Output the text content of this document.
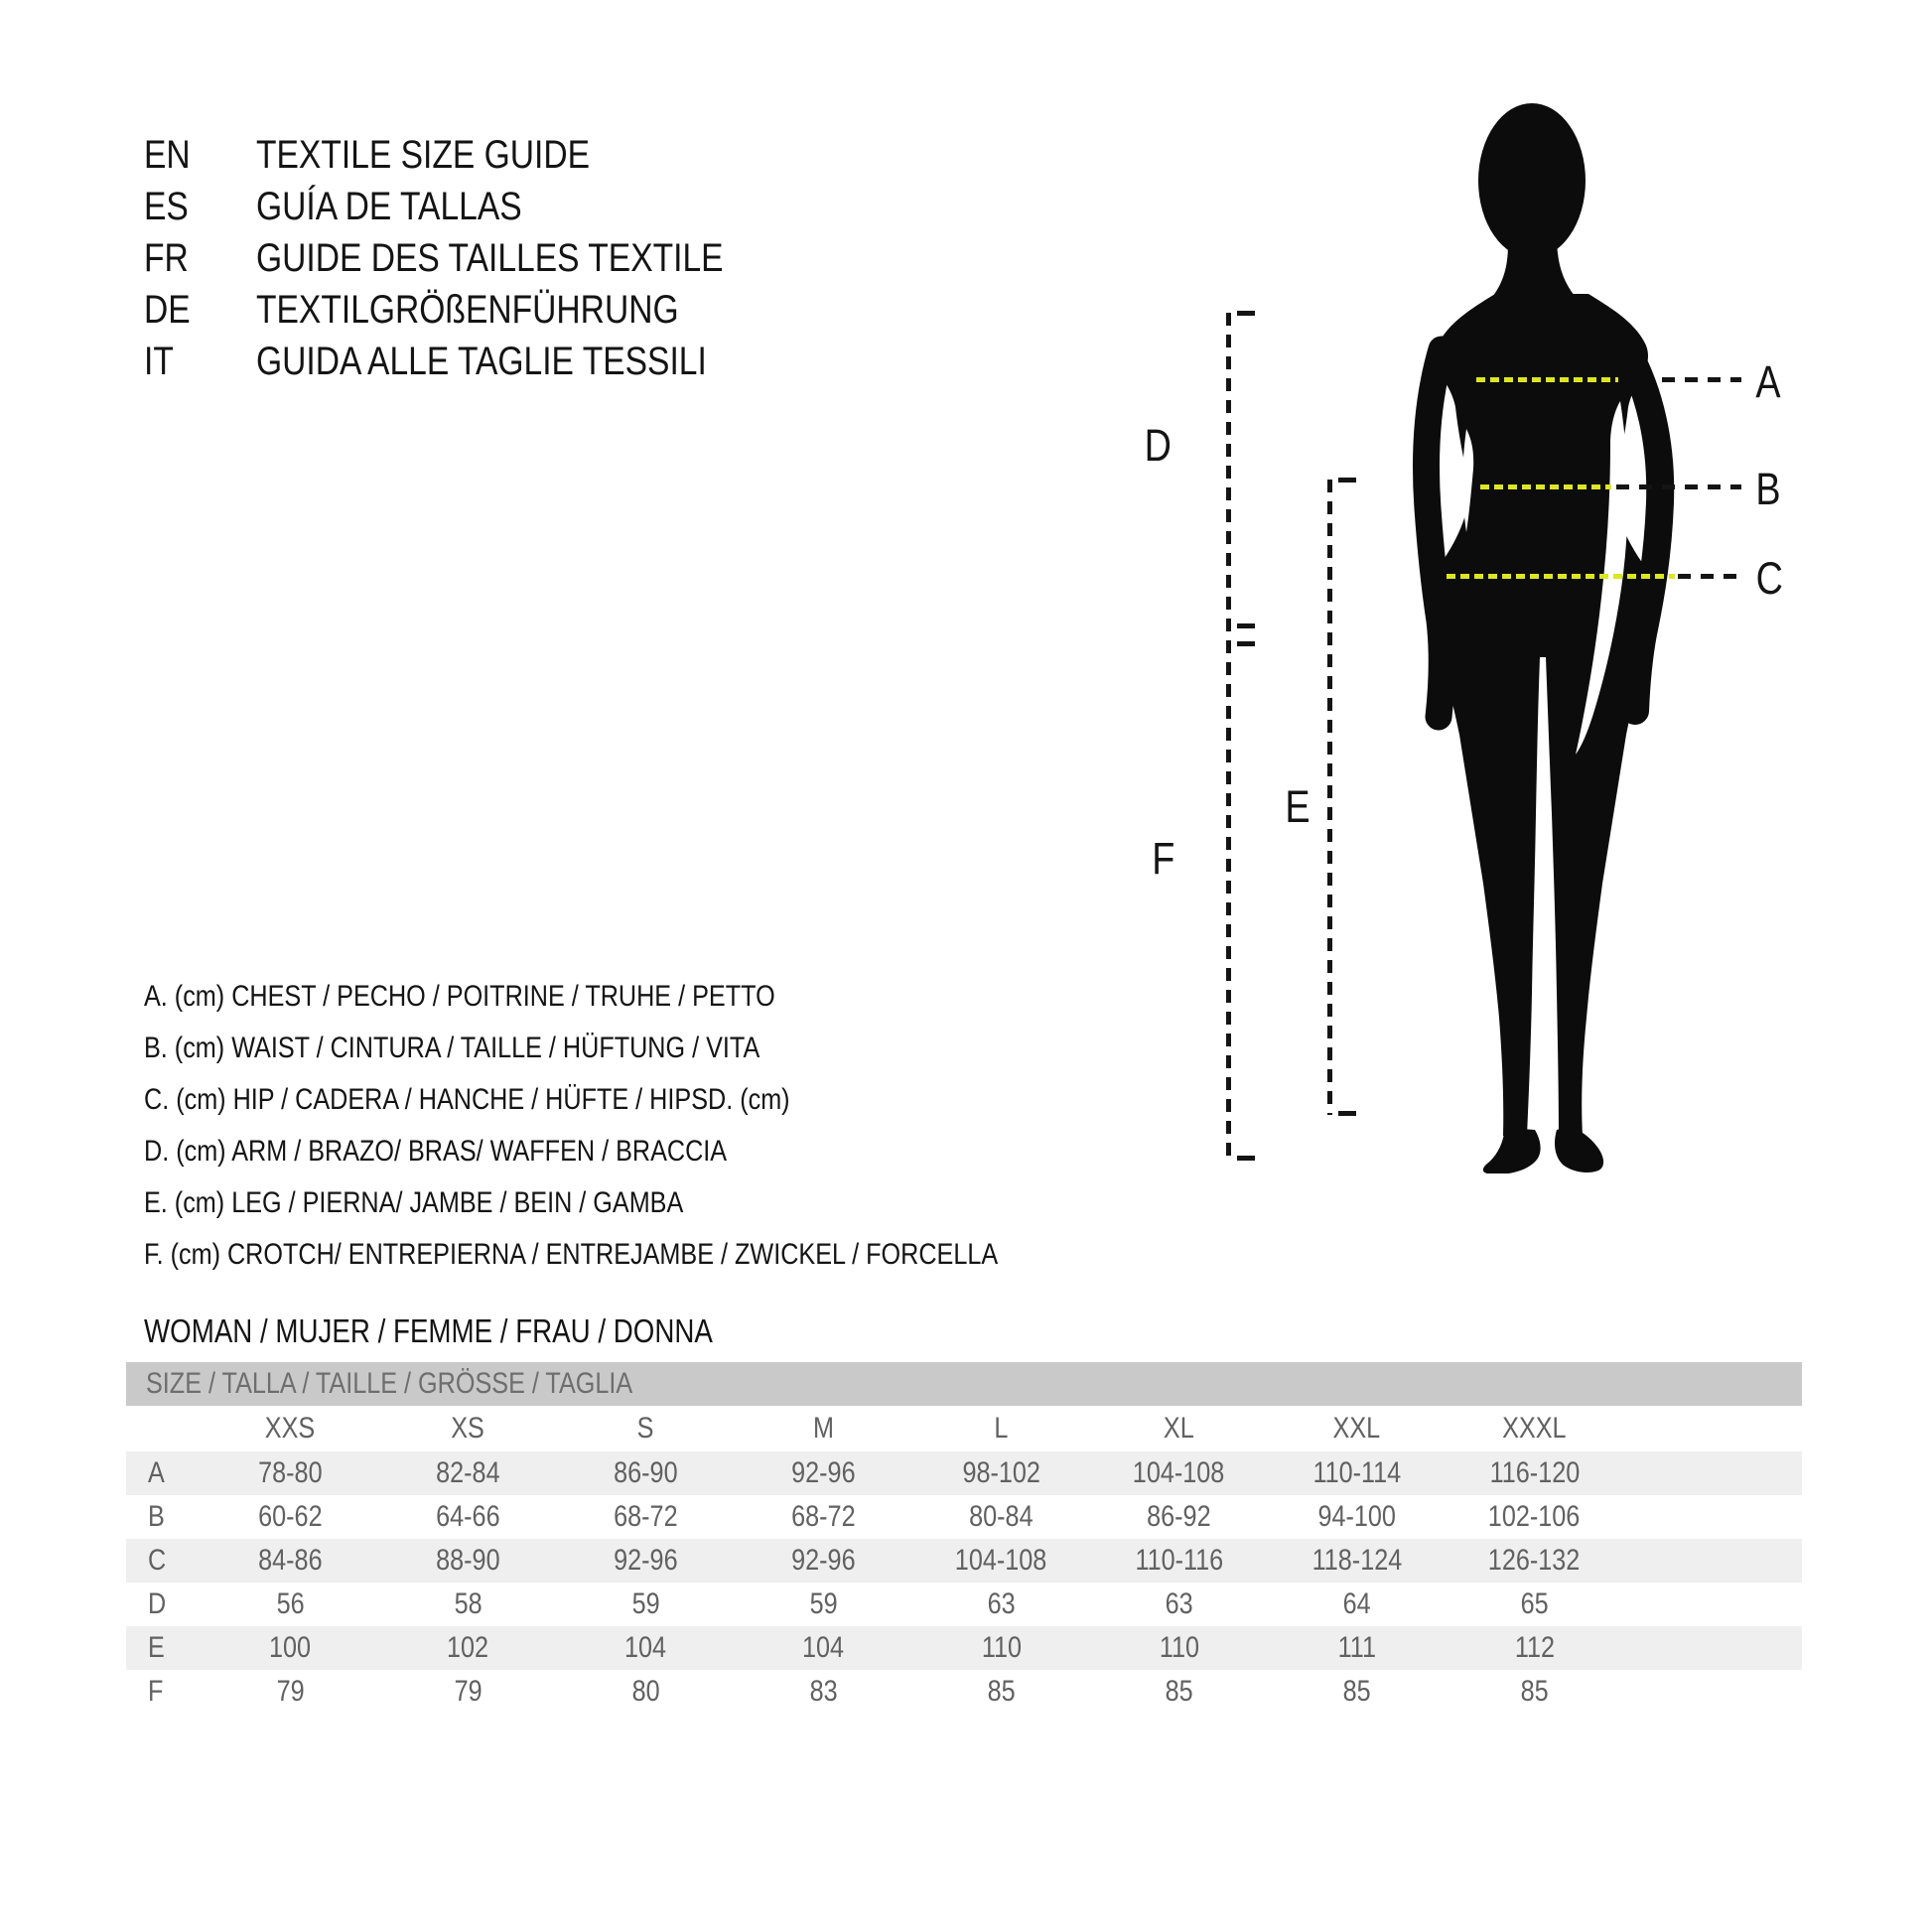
EN TEXTILE SIZE GUIDE
ES GUÍA DE TALLAS
FR GUIDE DES TAILLES TEXTILE
DE TEXTILGRÖßENFÜHRUNG
IT GUIDA ALLE TAGLIE TESSILI	A
B
C
D
F
E
A. (cm) CHEST / PECHO / POITRINE / TRUHE / PETTO
B. (cm) WAIST / CINTURA / TAILLE / HÜFTUNG / VITA
C. (cm) HIP / CADERA / HANCHE / HÜFTE / HIPSD. (cm)
D. (cm) ARM / BRAZO/ BRAS/ WAFFEN / BRACCIA
E. (cm) LEG / PIERNA/ JAMBE / BEIN / GAMBA
F. (cm) CROTCH/ ENTREPIERNA / ENTREJAMBE / ZWICKEL / FORCELLA
WOMAN / MUJER / FEMME / FRAU / DONNA
SIZE / TALLA / TAILLE / GRÖSSE / TAGLIA
XXS	XS	S	M	L	XL	XXL	XXXL
A	78-80	82-84	86-90	92-96	98-102	104-108	110-114	116-120
B	60-62	64-66	68-72	68-72	80-84	86-92	94-100	102-106
C	84-86	88-90	92-96	92-96	104-108	110-116	118-124	126-132
D	56	58	59	59	63	63	64	65
E	100	102	104	104	110	110	111	112
F	79	79	80	83	85	85	85	85
